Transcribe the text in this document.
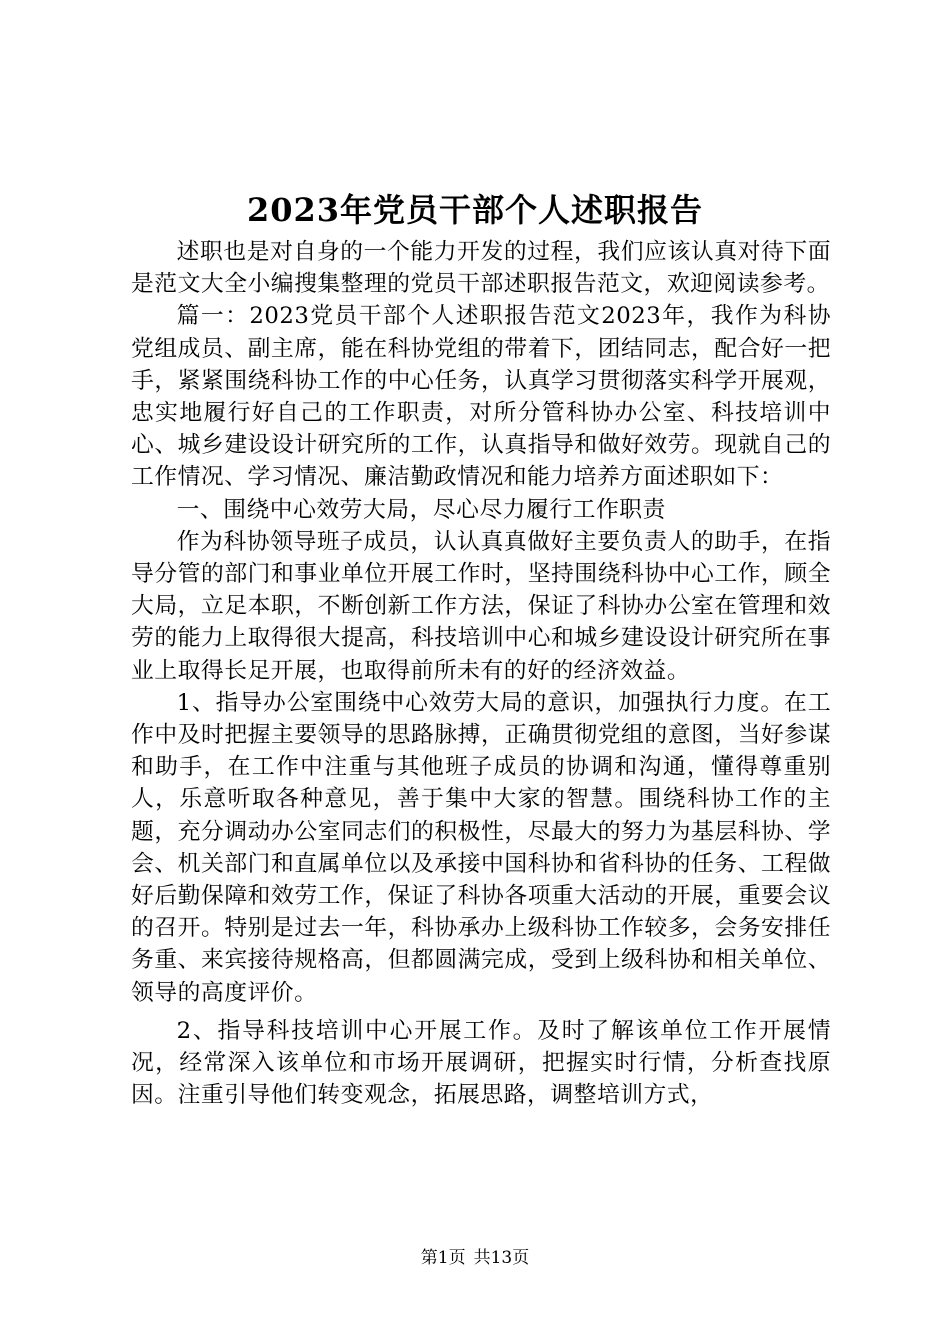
2023年党员干部个人述职报告

述职也是对自身的一个能力开发的过程，我们应该认真对待下面是范文大全小编搜集整理的党员干部述职报告范文，欢迎阅读参考。

篇一：2023党员干部个人述职报告范文2023年，我作为科协党组成员、副主席，能在科协党组的带着下，团结同志，配合好一把手，紧紧围绕科协工作的中心任务，认真学习贯彻落实科学开展观，忠实地履行好自己的工作职责，对所分管科协办公室、科技培训中心、城乡建设设计研究所的工作，认真指导和做好效劳。现就自己的工作情况、学习情况、廉洁勤政情况和能力培养方面述职如下：

一、围绕中心效劳大局，尽心尽力履行工作职责

作为科协领导班子成员，认认真真做好主要负责人的助手，在指导分管的部门和事业单位开展工作时，坚持围绕科协中心工作，顾全大局，立足本职，不断创新工作方法，保证了科协办公室在管理和效劳的能力上取得很大提高，科技培训中心和城乡建设设计研究所在事业上取得长足开展，也取得前所未有的好的经济效益。

1、指导办公室围绕中心效劳大局的意识，加强执行力度。在工作中及时把握主要领导的思路脉搏，正确贯彻党组的意图，当好参谋和助手，在工作中注重与其他班子成员的协调和沟通，懂得尊重别人，乐意听取各种意见，善于集中大家的智慧。围绕科协工作的主题，充分调动办公室同志们的积极性，尽最大的努力为基层科协、学会、机关部门和直属单位以及承接中国科协和省科协的任务、工程做好后勤保障和效劳工作，保证了科协各项重大活动的开展，重要会议的召开。特别是过去一年，科协承办上级科协工作较多，会务安排任务重、来宾接待规格高，但都圆满完成，受到上级科协和相关单位、领导的高度评价。

2、指导科技培训中心开展工作。及时了解该单位工作开展情况，经常深入该单位和市场开展调研，把握实时行情，分析查找原因。注重引导他们转变观念，拓展思路，调整培训方式，

第1页 共13页
